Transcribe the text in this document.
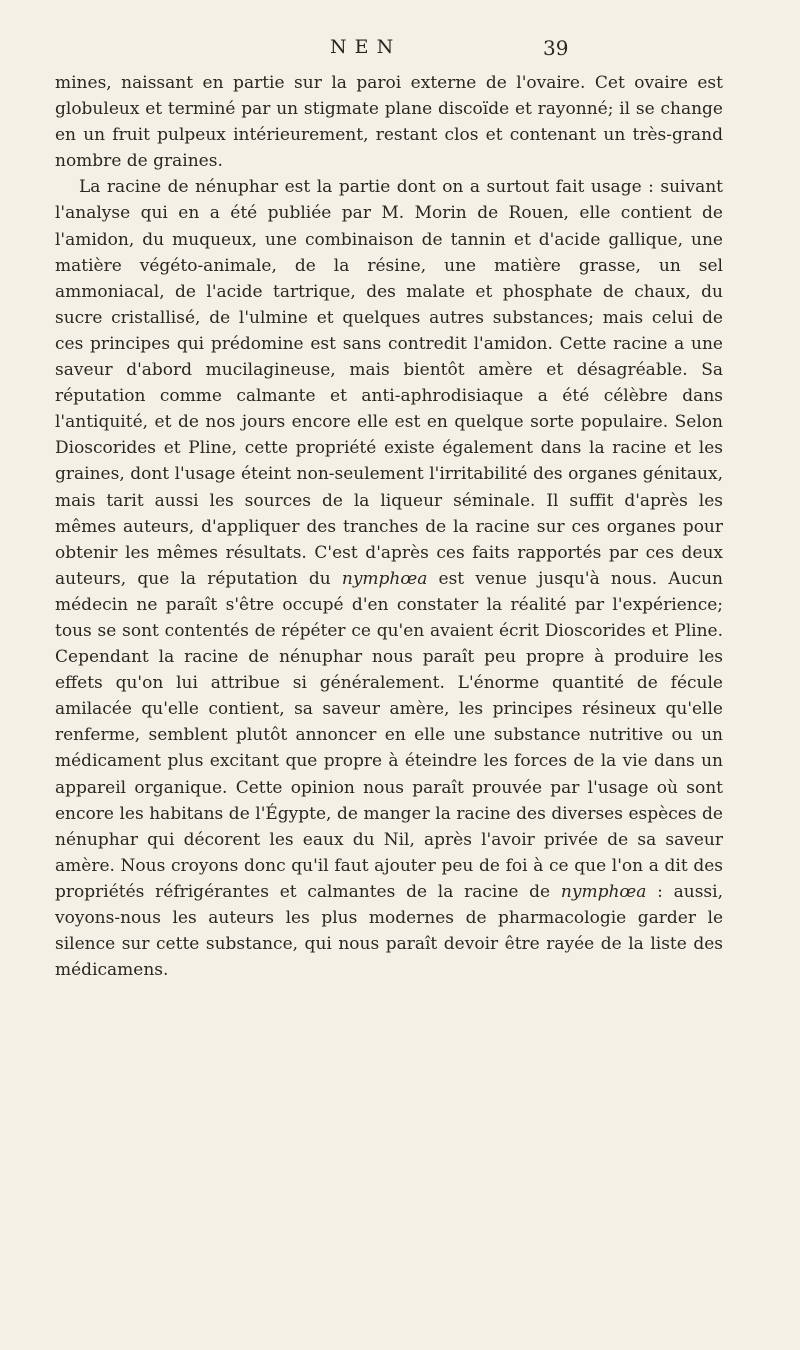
N E N	39

mines, naissant en partie sur la paroi externe de l'ovaire. Cet ovaire est globuleux et terminé par un stigmate plane discoïde et rayonné; il se change en un fruit pulpeux intérieurement, restant clos et contenant un très-grand nombre de graines.

La racine de nénuphar est la partie dont on a surtout fait usage : suivant l'analyse qui en a été publiée par M. Morin de Rouen, elle contient de l'amidon, du muqueux, une combinaison de tannin et d'acide gallique, une matière végéto-animale, de la résine, une matière grasse, un sel ammoniacal, de l'acide tartrique, des malate et phosphate de chaux, du sucre cristallisé, de l'ulmine et quelques autres substances; mais celui de ces principes qui prédomine est sans contredit l'amidon. Cette racine a une saveur d'abord mucilagineuse, mais bientôt amère et désagréable. Sa réputation comme calmante et anti-aphrodisiaque a été célèbre dans l'antiquité, et de nos jours encore elle est en quelque sorte populaire. Selon Dioscorides et Pline, cette propriété existe également dans la racine et les graines, dont l'usage éteint non-seulement l'irritabilité des organes génitaux, mais tarit aussi les sources de la liqueur séminale. Il suffit d'après les mêmes auteurs, d'appliquer des tranches de la racine sur ces organes pour obtenir les mêmes résultats. C'est d'après ces faits rapportés par ces deux auteurs, que la réputation du nymphœa est venue jusqu'à nous. Aucun médecin ne paraît s'être occupé d'en constater la réalité par l'expérience; tous se sont contentés de répéter ce qu'en avaient écrit Dioscorides et Pline. Cependant la racine de nénuphar nous paraît peu propre à produire les effets qu'on lui attribue si généralement. L'énorme quantité de fécule amilacée qu'elle contient, sa saveur amère, les principes résineux qu'elle renferme, semblent plutôt annoncer en elle une substance nutritive ou un médicament plus excitant que propre à éteindre les forces de la vie dans un appareil organique. Cette opinion nous paraît prouvée par l'usage où sont encore les habitans de l'Égypte, de manger la racine des diverses espèces de nénuphar qui décorent les eaux du Nil, après l'avoir privée de sa saveur amère. Nous croyons donc qu'il faut ajouter peu de foi à ce que l'on a dit des propriétés réfrigérantes et calmantes de la racine de nymphœa : aussi, voyons-nous les auteurs les plus modernes de pharmacologie garder le silence sur cette substance, qui nous paraît devoir être rayée de la liste des médicamens.
